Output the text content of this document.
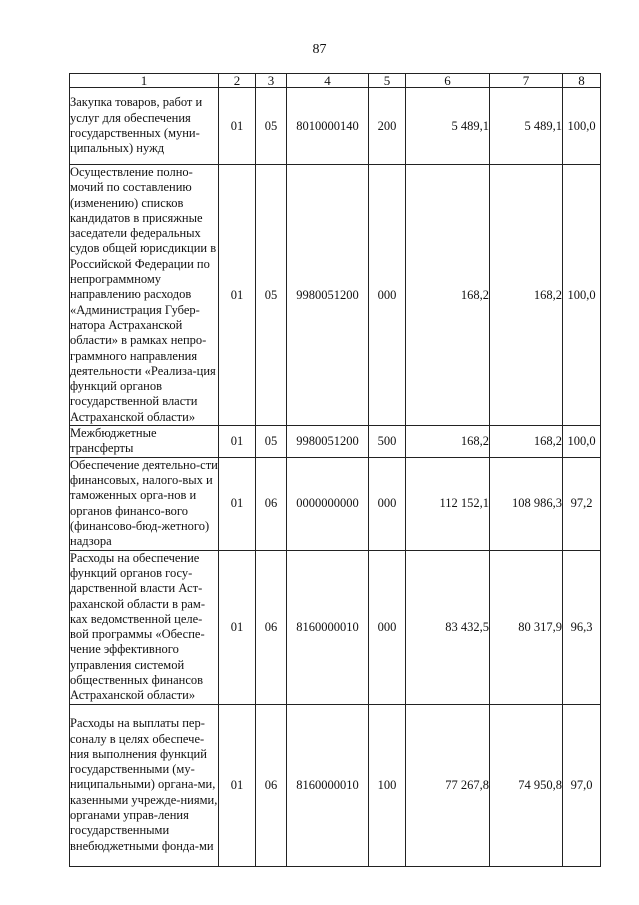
87
1	2	3	4	5	6	7	8
Закупка товаров, работ и услуг для обеспечения государственных (муни-ципальных) нужд	01	05	8010000140	200	5 489,1	5 489,1	100,0
Осуществление полно-мочий по составлению (изменению) списков кандидатов в присяжные заседатели федеральных судов общей юрисдикции в Российской Федерации по непрограммному направлению расходов «Администрация Губер-натора Астраханской области» в рамках непро-граммного направления деятельности «Реализа-ция функций органов государственной власти Астраханской области»	01	05	9980051200	000	168,2	168,2	100,0
Межбюджетные трансферты	01	05	9980051200	500	168,2	168,2	100,0
Обеспечение деятельно-сти финансовых, налого-вых и таможенных орга-нов и органов финансо-вого (финансово-бюд-жетного) надзора	01	06	0000000000	000	112 152,1	108 986,3	97,2
Расходы на обеспечение функций органов госу-дарственной власти Аст-раханской области в рам-ках ведомственной целе-вой программы «Обеспе-чение эффективного управления системой общественных финансов Астраханской области»	01	06	8160000010	000	83 432,5	80 317,9	96,3
Расходы на выплаты пер-соналу в целях обеспече-ния выполнения функций государственными (му-ниципальными) органа-ми, казенными учрежде-ниями, органами управ-ления государственными внебюджетными фонда-ми	01	06	8160000010	100	77 267,8	74 950,8	97,0
